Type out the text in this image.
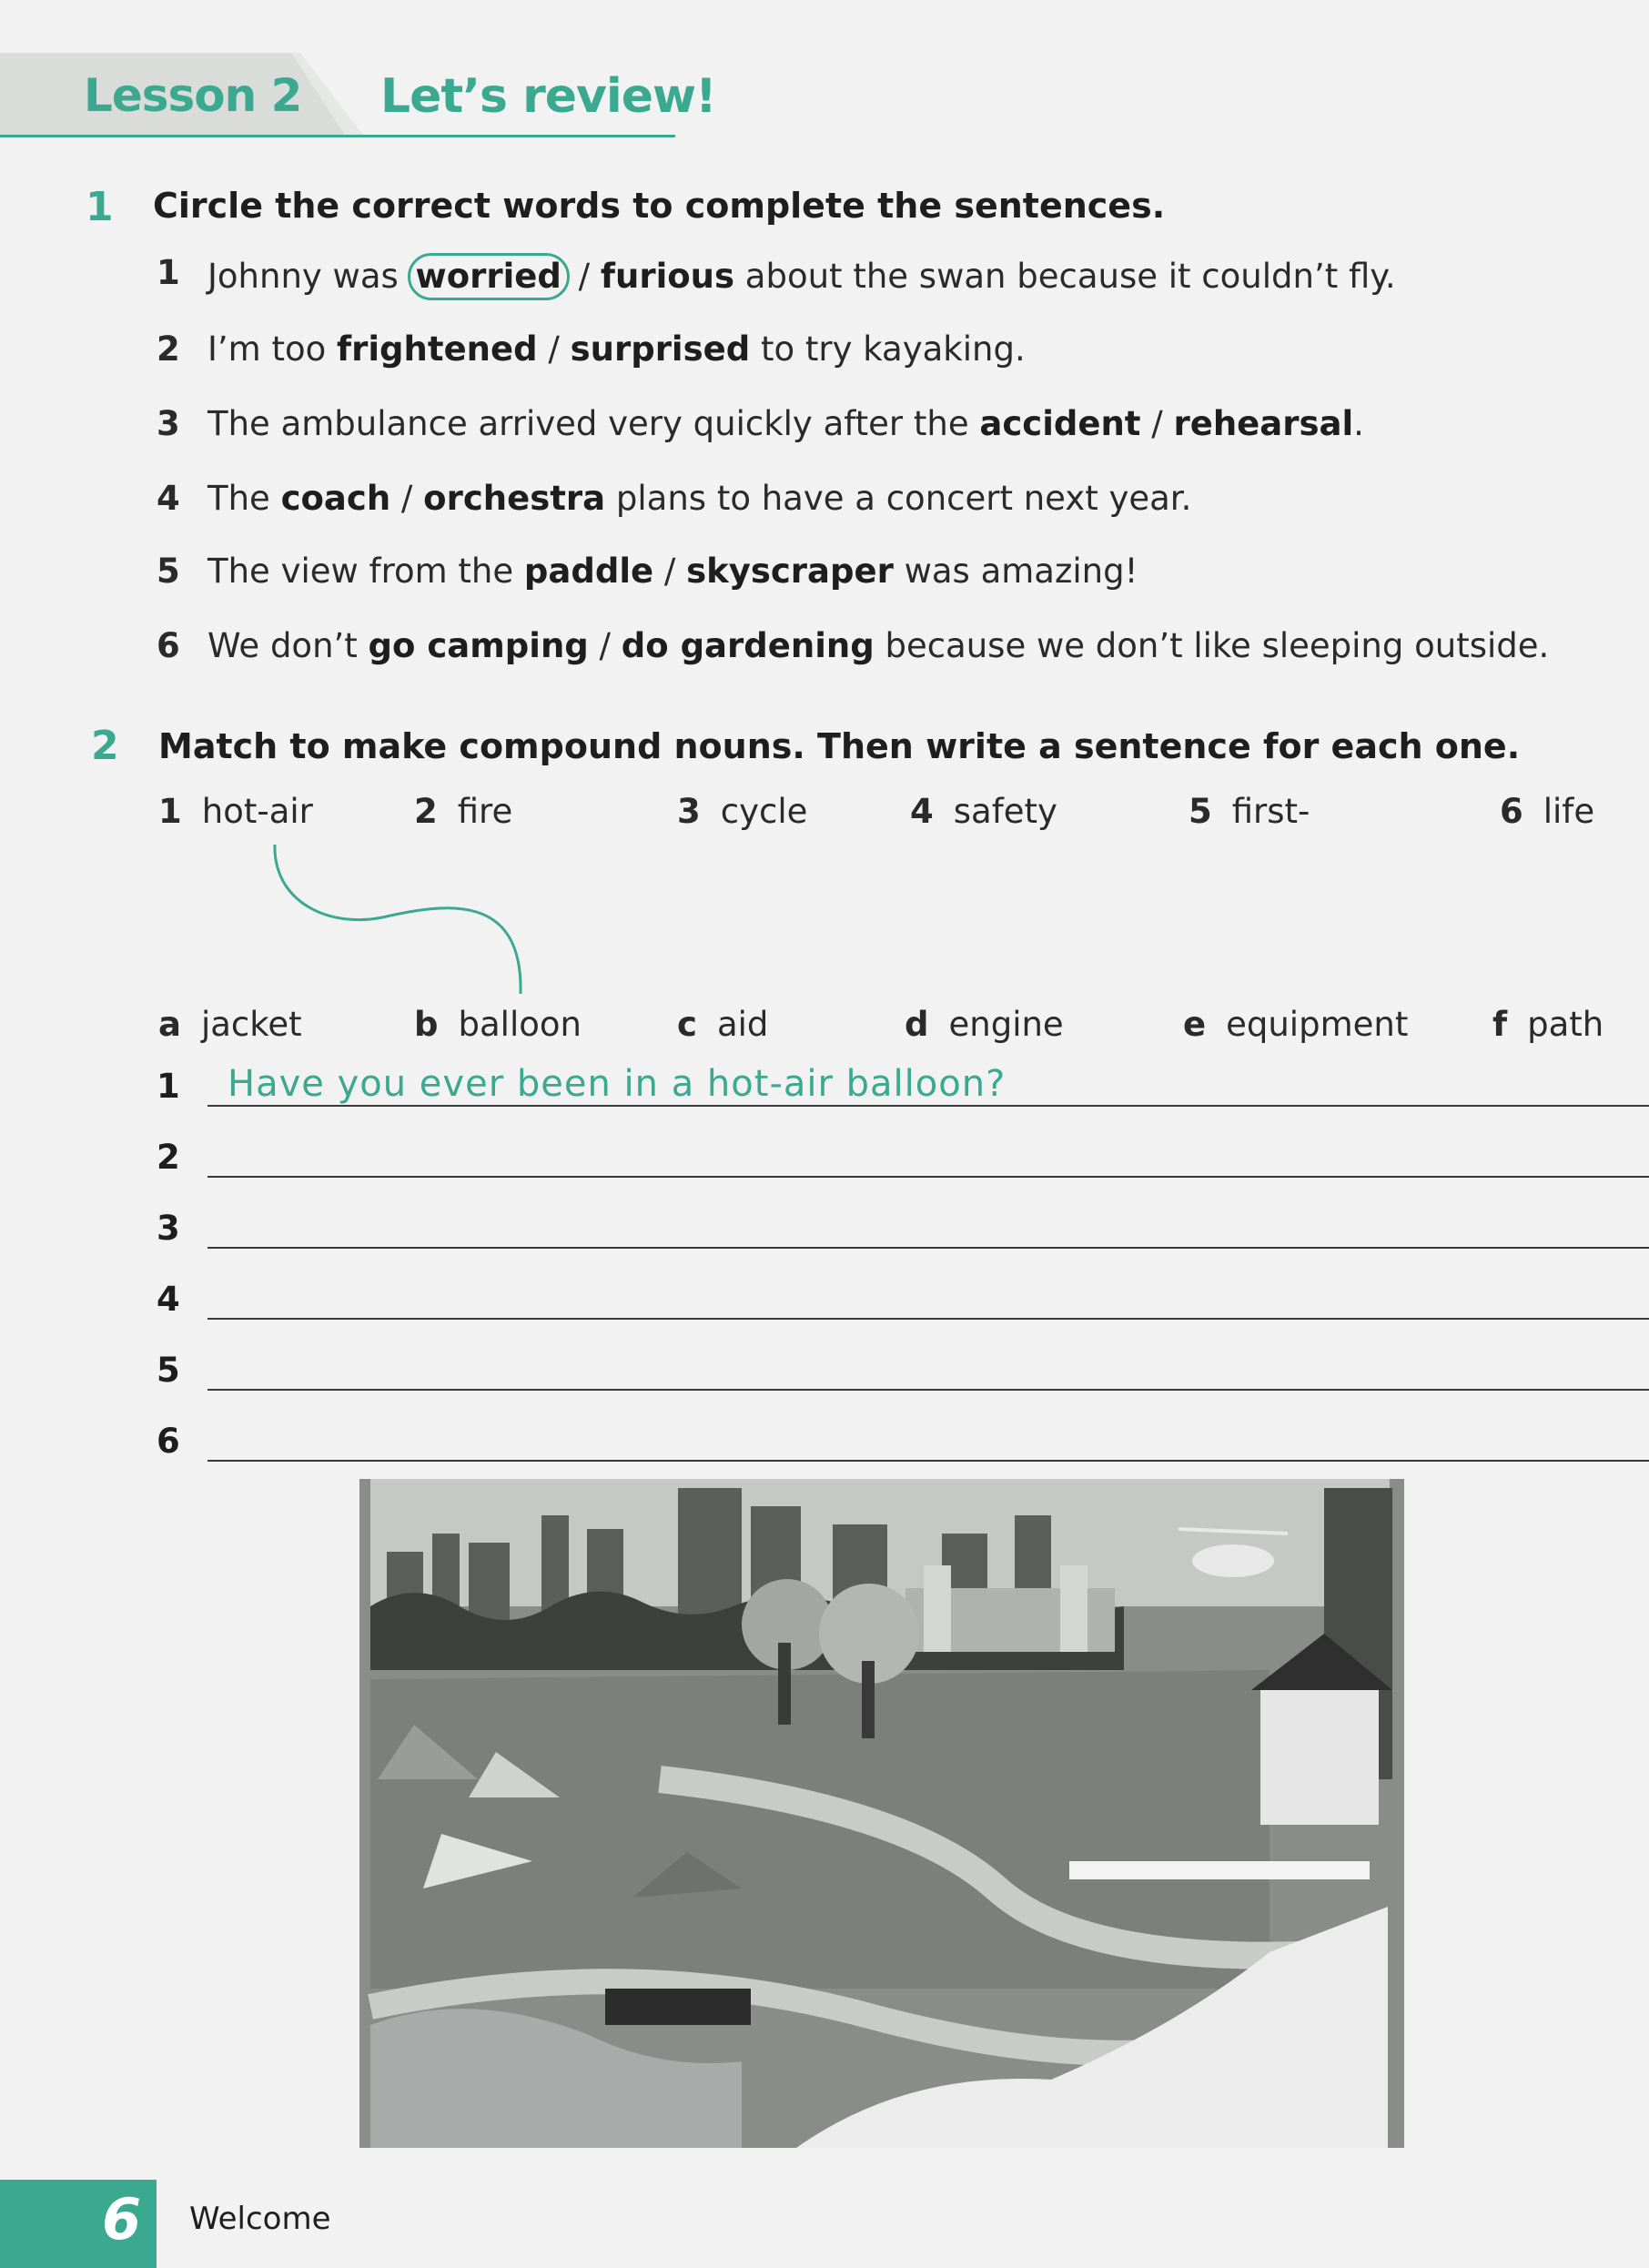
Lesson 2 Let’s review!
1 Circle the correct words to complete the sentences.
1 Johnny was worried / furious about the swan because it couldn’t fly.
2 I’m too frightened / surprised to try kayaking.
3 The ambulance arrived very quickly after the accident / rehearsal.
4 The coach / orchestra plans to have a concert next year.
5 The view from the paddle / skyscraper was amazing!
6 We don’t go camping / do gardening because we don’t like sleeping outside.
2 Match to make compound nouns. Then write a sentence for each one.
1 hot-air	2 fire	3 cycle	4 safety	5 first-	6 life
a jacket	b balloon	c aid	d engine	e equipment	f path
1 Have you ever been in a hot-air balloon?
2
3
4
5
6
6 Welcome
